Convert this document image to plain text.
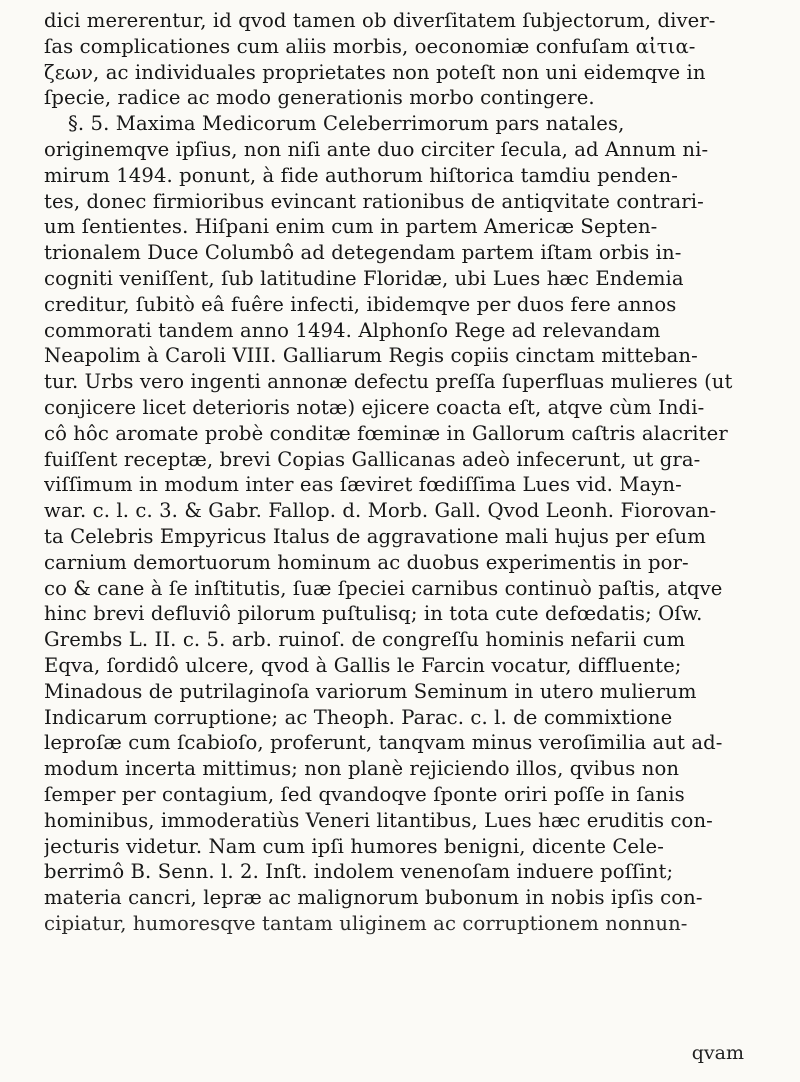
dici mererentur, id qvod tamen ob diverſitatem ſubjectorum, diver-
ſas complicationes cum aliis morbis, oeconomiæ confuſam αἰτια-
ζεων, ac individuales proprietates non poteſt non uni eidemqve in
ſpecie, radice ac modo generationis morbo contingere.
§. 5. Maxima Medicorum Celeberrimorum pars natales,
originemqve ipſius, non niſi ante duo circiter ſecula, ad Annum ni-
mirum 1494. ponunt, à fide authorum hiſtorica tamdiu penden-
tes, donec firmioribus evincant rationibus de antiqvitate contrari-
um ſentientes. Hiſpani enim cum in partem Americæ Septen-
trionalem Duce Columbô ad detegendam partem iſtam orbis in-
cogniti veniſſent, ſub latitudine Floridæ, ubi Lues hæc Endemia
creditur, ſubitò eâ fuêre infecti, ibidemqve per duos fere annos
commorati tandem anno 1494. Alphonſo Rege ad relevandam
Neapolim à Caroli VIII. Galliarum Regis copiis cinctam mitteban-
tur. Urbs vero ingenti annonæ defectu preſſa ſuperfluas mulieres (ut
conjicere licet deterioris notæ) ejicere coacta eſt, atqve cùm Indi-
cô hôc aromate probè conditæ fœminæ in Gallorum caſtris alacriter
fuiſſent receptæ, brevi Copias Gallicanas adeò infecerunt, ut gra-
viſſimum in modum inter eas ſæviret fœdiſſima Lues vid. Mayn-
war. c. l. c. 3. & Gabr. Fallop. d. Morb. Gall. Qvod Leonh. Fiorovan-
ta Celebris Empyricus Italus de aggravatione mali hujus per eſum
carnium demortuorum hominum ac duobus experimentis in por-
co & cane à ſe inſtitutis, ſuæ ſpeciei carnibus continuò paſtis, atqve
hinc brevi defluviô pilorum puſtulisq; in tota cute defœdatis; Oſw.
Grembs L. II. c. 5. arb. ruinoſ. de congreſſu hominis nefarii cum
Eqva, ſordidô ulcere, qvod à Gallis le Farcin vocatur, diffluente;
Minadous de putrilaginoſa variorum Seminum in utero mulierum
Indicarum corruptione; ac Theoph. Parac. c. l. de commixtione
leproſæ cum ſcabioſo, proferunt, tanqvam minus veroſimilia aut ad-
modum incerta mittimus; non planè rejiciendo illos, qvibus non
ſemper per contagium, ſed qvandoqve ſponte oriri poſſe in ſanis
hominibus, immoderatiùs Veneri litantibus, Lues hæc eruditis con-
jecturis videtur. Nam cum ipſi humores benigni, dicente Cele-
berrimô B. Senn. l. 2. Inſt. indolem venenoſam induere poſſint;
materia cancri, lepræ ac malignorum bubonum in nobis ipſis con-
cipiatur, humoresqve tantam uliginem ac corruptionem nonnun-
qvam
